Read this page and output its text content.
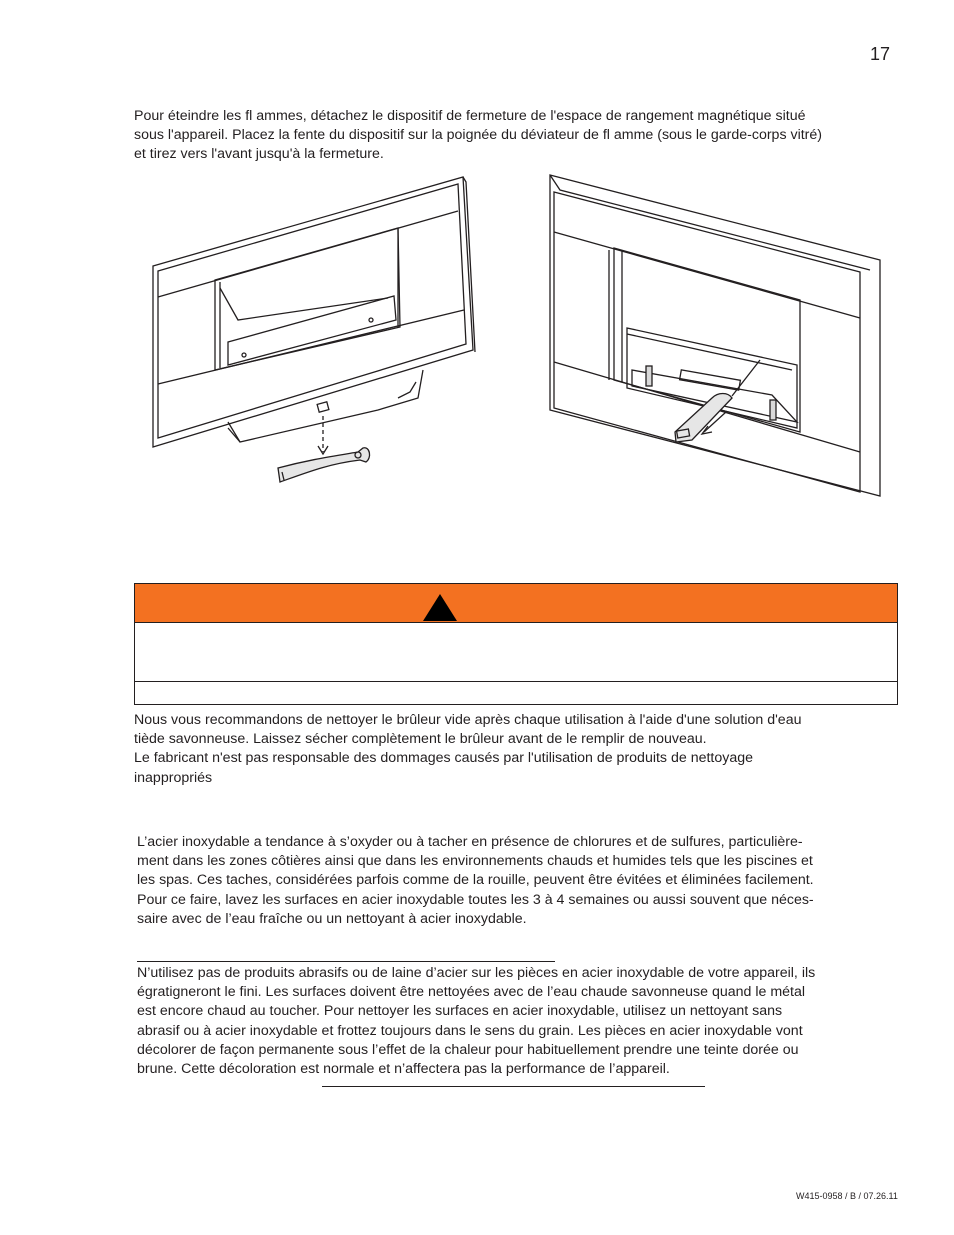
17
Pour éteindre les fl ammes, détachez le dispositif de fermeture de l'espace de rangement magnétique situé
sous l'appareil. Placez la fente du dispositif sur la poignée du déviateur de fl amme (sous le garde-corps vitré)
et tirez vers l'avant jusqu'à la fermeture.
Nous vous recommandons de nettoyer le brûleur vide après chaque utilisation à l'aide d'une solution d'eau
tiède savonneuse. Laissez sécher complètement le brûleur avant de le remplir de nouveau.
Le fabricant n'est pas responsable des dommages causés par l'utilisation de produits de nettoyage
inappropriés
L’acier inoxydable a tendance à s’oxyder ou à tacher en présence de chlorures et de sulfures, particulière-
ment dans les zones côtières ainsi que dans les environnements chauds et humides tels que les piscines et
les spas. Ces taches, considérées parfois comme de la rouille, peuvent être évitées et éliminées facilement.
Pour ce faire, lavez les surfaces en acier inoxydable toutes les 3 à 4 semaines ou aussi souvent que néces-
saire avec de l’eau fraîche ou un nettoyant à acier inoxydable.
N’utilisez pas de produits abrasifs ou de laine d’acier sur les pièces en acier inoxydable de votre appareil, ils
égratigneront le fini. Les surfaces doivent être nettoyées avec de l’eau chaude savonneuse quand le métal
est encore chaud au toucher. Pour nettoyer les surfaces en acier inoxydable, utilisez un nettoyant sans
abrasif ou à acier inoxydable et frottez toujours dans le sens du grain. Les pièces en acier inoxydable vont
décolorer de façon permanente sous l’effet de la chaleur pour habituellement prendre une teinte dorée ou
brune. Cette décoloration est normale et n’affectera pas la performance de l’appareil.
W415-0958 / B / 07.26.11
